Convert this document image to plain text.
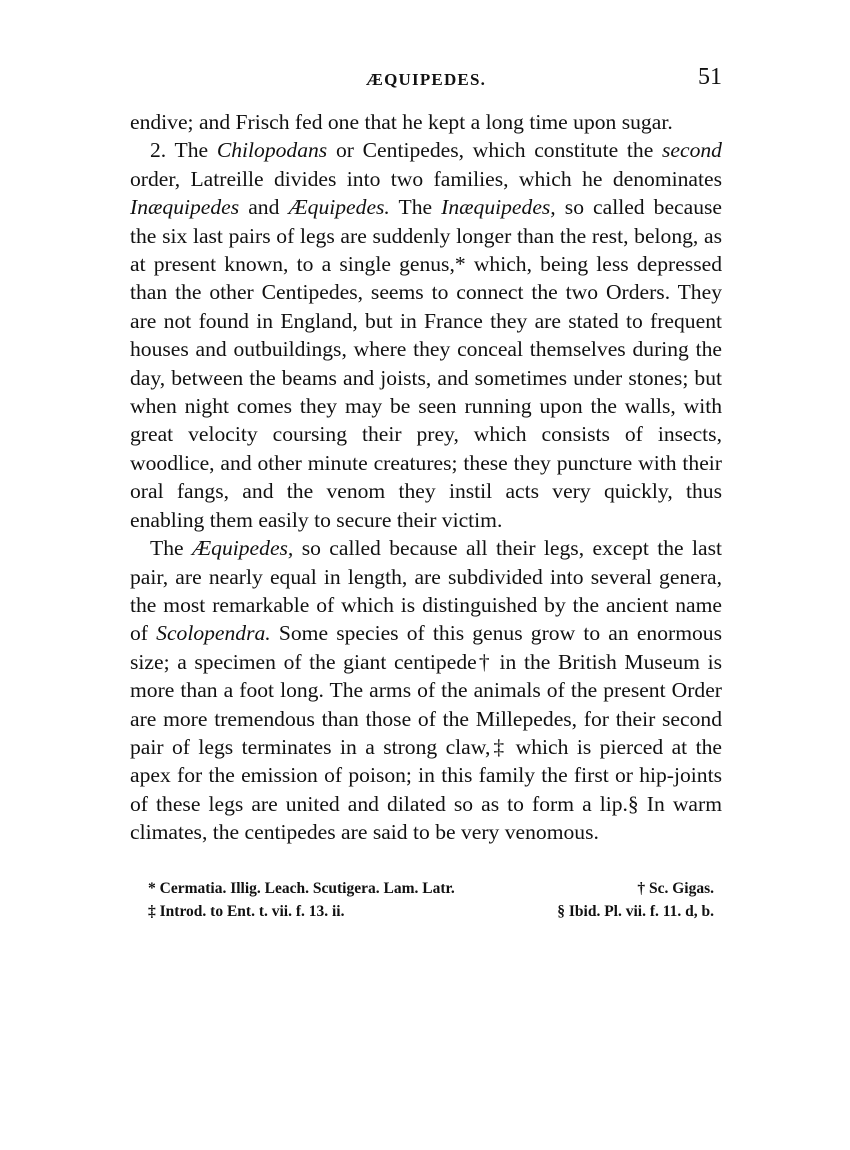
ÆQUIPEDES.	51

endive; and Frisch fed one that he kept a long time upon sugar.

2. The Chilopodans or Centipedes, which constitute the second order, Latreille divides into two families, which he denominates Inæquipedes and Æquipedes. The Inæquipedes, so called because the six last pairs of legs are suddenly longer than the rest, belong, as at present known, to a single genus,* which, being less depressed than the other Centipedes, seems to connect the two Orders. They are not found in England, but in France they are stated to frequent houses and outbuildings, where they conceal themselves during the day, between the beams and joists, and sometimes under stones; but when night comes they may be seen running upon the walls, with great velocity coursing their prey, which consists of insects, woodlice, and other minute creatures; these they puncture with their oral fangs, and the venom they instil acts very quickly, thus enabling them easily to secure their victim.

The Æquipedes, so called because all their legs, except the last pair, are nearly equal in length, are subdivided into several genera, the most remarkable of which is distinguished by the ancient name of Scolopendra. Some species of this genus grow to an enormous size; a specimen of the giant centipede† in the British Museum is more than a foot long. The arms of the animals of the present Order are more tremendous than those of the Millepedes, for their second pair of legs terminates in a strong claw,‡ which is pierced at the apex for the emission of poison; in this family the first or hip-joints of these legs are united and dilated so as to form a lip.§ In warm climates, the centipedes are said to be very venomous.

* Cermatia. Illig. Leach. Scutigera. Lam. Latr.	† Sc. Gigas.
‡ Introd. to Ent. t. vii. f. 13. ii.	§ Ibid. Pl. vii. f. 11. d, b.
